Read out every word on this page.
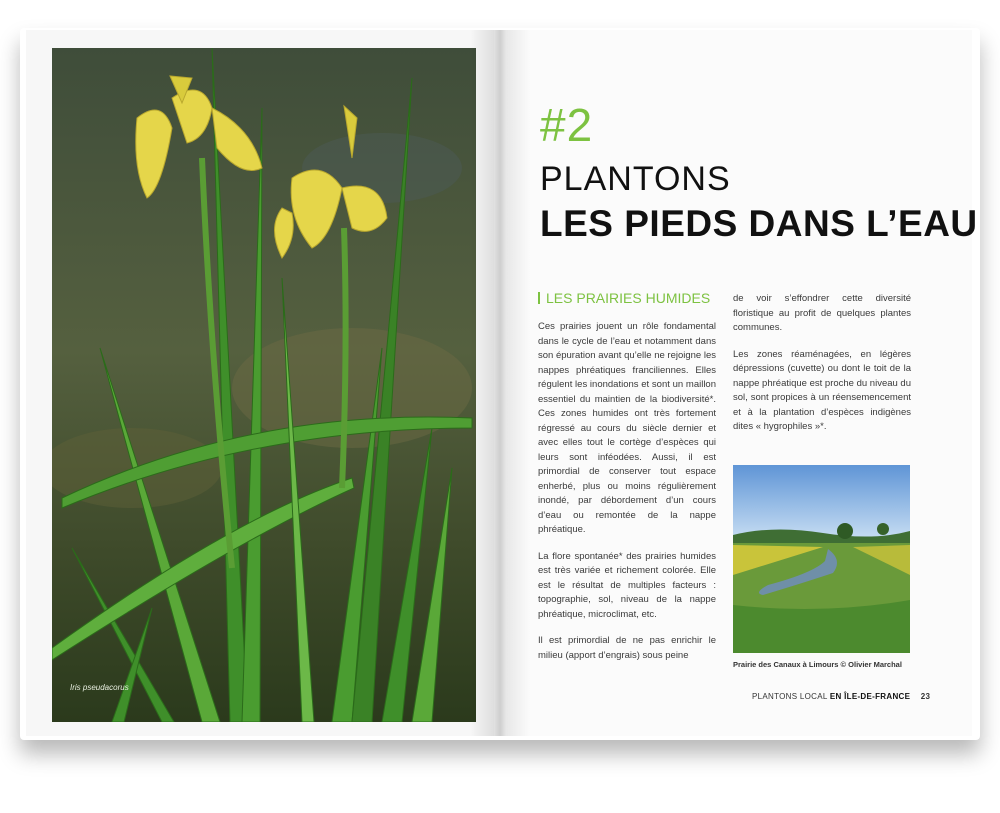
Iris pseudacorus
#2
PLANTONS
LES PIEDS DANS L’EAU
LES PRAIRIES HUMIDES

Ces prairies jouent un rôle fondamental dans le cycle de l’eau et notamment dans son épuration avant qu’elle ne rejoigne les nappes phréatiques franciliennes. Elles régulent les inondations et sont un maillon essentiel du maintien de la biodiversité*. Ces zones humides ont très fortement régressé au cours du siècle dernier et avec elles tout le cortège d’espèces qui leurs sont inféodées. Aussi, il est primordial de conserver tout espace enherbé, plus ou moins régulièrement inondé, par débordement d’un cours d’eau ou remontée de la nappe phréatique.

La flore spontanée* des prairies humides est très variée et richement colorée. Elle est le résultat de multiples facteurs : topographie, sol, niveau de la nappe phréatique, microclimat, etc.

Il est primordial de ne pas enrichir le milieu (apport d’engrais) sous peine

de voir s’effondrer cette diversité floristique au profit de quelques plantes communes.

Les zones réaménagées, en légères dépressions (cuvette) ou dont le toit de la nappe phréatique est proche du niveau du sol, sont propices à un réensemencement et à la plantation d’espèces indigènes dites « hygrophiles »*.

Prairie des Canaux à Limours © Olivier Marchal
PLANTONS LOCAL EN ÎLE-DE-FRANCE 23
